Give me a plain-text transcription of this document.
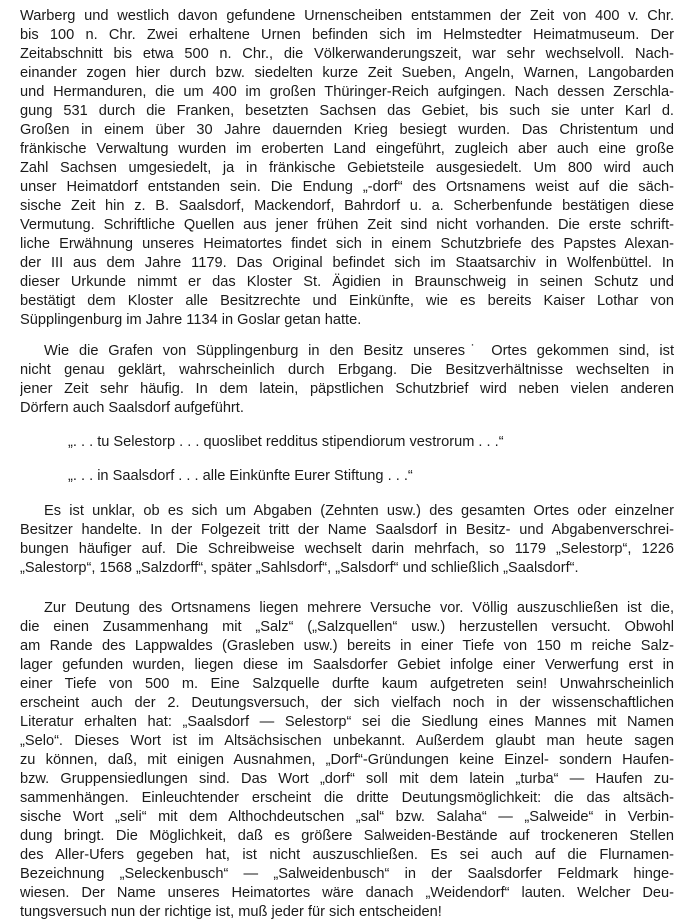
Warberg und westlich davon gefundene Urnenscheiben entstammen der Zeit von 400 v. Chr.
bis 100 n. Chr. Zwei erhaltene Urnen befinden sich im Helmstedter Heimatmuseum. Der
Zeitabschnitt bis etwa 500 n. Chr., die Völkerwanderungszeit, war sehr wechselvoll. Nach-
einander zogen hier durch bzw. siedelten kurze Zeit Sueben, Angeln, Warnen, Langobarden
und Hermanduren, die um 400 im großen Thüringer-Reich aufgingen. Nach dessen Zerschla-
gung 531 durch die Franken, besetzten Sachsen das Gebiet, bis such sie unter Karl d.
Großen in einem über 30 Jahre dauernden Krieg besiegt wurden. Das Christentum und
fränkische Verwaltung wurden im eroberten Land eingeführt, zugleich aber auch eine große
Zahl Sachsen umgesiedelt, ja in fränkische Gebietsteile ausgesiedelt. Um 800 wird auch
unser Heimatdorf entstanden sein. Die Endung „-dorf“ des Ortsnamens weist auf die säch-
sische Zeit hin z. B. Saalsdorf, Mackendorf, Bahrdorf u. a. Scherbenfunde bestätigen diese
Vermutung. Schriftliche Quellen aus jener frühen Zeit sind nicht vorhanden. Die erste schrift-
liche Erwähnung unseres Heimatortes findet sich in einem Schutzbriefe des Papstes Alexan-
der III aus dem Jahre 1179. Das Original befindet sich im Staatsarchiv in Wolfenbüttel. In
dieser Urkunde nimmt er das Kloster St. Ägidien in Braunschweig in seinen Schutz und
bestätigt dem Kloster alle Besitzrechte und Einkünfte, wie es bereits Kaiser Lothar von
Süpplingenburg im Jahre 1134 in Goslar getan hatte.
Wie die Grafen von Süpplingenburg in den Besitz unseres˙ Ortes gekommen sind, ist
nicht genau geklärt, wahrscheinlich durch Erbgang. Die Besitzverhältnisse wechselten in
jener Zeit sehr häufig. In dem latein, päpstlichen Schutzbrief wird neben vielen anderen
Dörfern auch Saalsdorf aufgeführt.
„. . . tu Selestorp . . . quoslibet redditus stipendiorum vestrorum . . .“
„. . . in Saalsdorf . . . alle Einkünfte Eurer Stiftung . . .“
Es ist unklar, ob es sich um Abgaben (Zehnten usw.) des gesamten Ortes oder einzelner
Besitzer handelte. In der Folgezeit tritt der Name Saalsdorf in Besitz- und Abgabenverschrei-
bungen häufiger auf. Die Schreibweise wechselt darin mehrfach, so 1179 „Selestorp“, 1226
„Salestorp“, 1568 „Salzdorff“, später „Sahlsdorf“, „Salsdorf“ und schließlich „Saalsdorf“.
Zur Deutung des Ortsnamens liegen mehrere Versuche vor. Völlig auszuschließen ist die,
die einen Zusammenhang mit „Salz“ („Salzquellen“ usw.) herzustellen versucht. Obwohl
am Rande des Lappwaldes (Grasleben usw.) bereits in einer Tiefe von 150 m reiche Salz-
lager gefunden wurden, liegen diese im Saalsdorfer Gebiet infolge einer Verwerfung erst in
einer Tiefe von 500 m. Eine Salzquelle durfte kaum aufgetreten sein! Unwahrscheinlich
erscheint auch der 2. Deutungsversuch, der sich vielfach noch in der wissenschaftlichen
Literatur erhalten hat: „Saalsdorf — Selestorp“ sei die Siedlung eines Mannes mit Namen
„Selo“. Dieses Wort ist im Altsächsischen unbekannt. Außerdem glaubt man heute sagen
zu können, daß, mit einigen Ausnahmen, „Dorf“-Gründungen keine Einzel- sondern Haufen-
bzw. Gruppensiedlungen sind. Das Wort „dorf“ soll mit dem latein „turba“ — Haufen zu-
sammenhängen. Einleuchtender erscheint die dritte Deutungsmöglichkeit: die das altsäch-
sische Wort „seli“ mit dem Althochdeutschen „sal“ bzw. Salaha“ — „Salweide“ in Verbin-
dung bringt. Die Möglichkeit, daß es größere Salweiden-Bestände auf trockeneren Stellen
des Aller-Ufers gegeben hat, ist nicht auszuschließen. Es sei auch auf die Flurnamen-
Bezeichnung „Seleckenbusch“ — „Salweidenbusch“ in der Saalsdorfer Feldmark hinge-
wiesen. Der Name unseres Heimatortes wäre danach „Weidendorf“ lauten. Welcher Deu-
tungsversuch nun der richtige ist, muß jeder für sich entscheiden!
